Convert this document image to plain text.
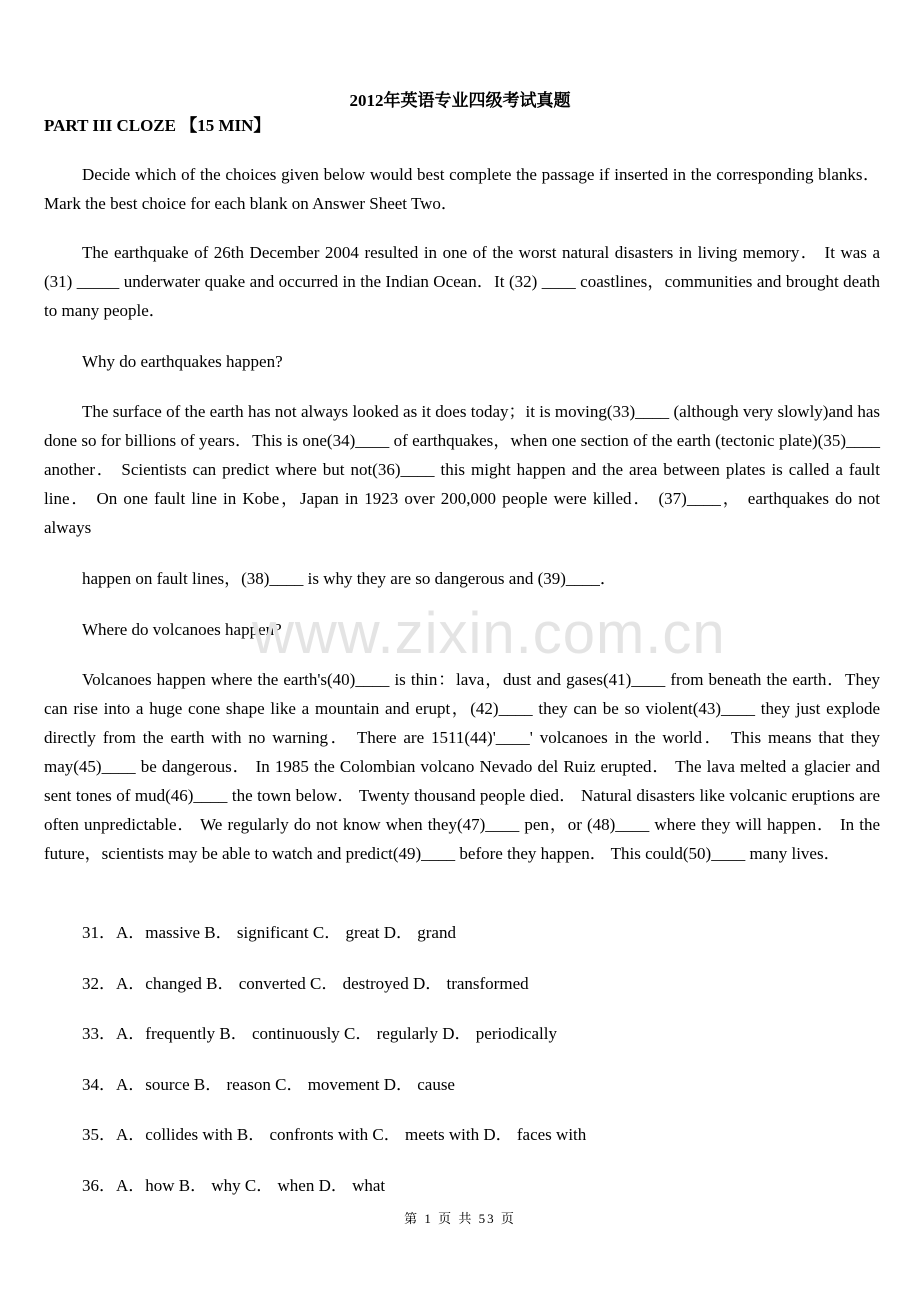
2012年英语专业四级考试真题
PART III CLOZE 【15 MIN】
Decide which of the choices given below would best complete the passage if inserted in the corresponding blanks．Mark the best choice for each blank on Answer Sheet Two．
The earthquake of 26th December 2004 resulted in one of the worst natural disasters in living memory． It was a (31) _____ underwater quake and occurred in the Indian Ocean．It (32) ____ coastlines，communities and brought death to many people．
Why do earthquakes happen?
The surface of the earth has not always looked as it does today；it is moving(33)____ (although very slowly)and has done so for billions of years．This is one(34)____ of earthquakes，when one section of the earth (tectonic plate)(35)____ another． Scientists can predict where but not(36)____ this might happen and the area between plates is called a fault line． On one fault line in Kobe，Japan in 1923 over 200,000 people were killed． (37)____， earthquakes do not always
happen on fault lines，(38)____ is why they are so dangerous and (39)____．
Where do volcanoes happen?
Volcanoes happen where the earth's(40)____ is thin：lava，dust and gases(41)____ from beneath the earth．They can rise into a huge cone shape like a mountain and erupt，(42)____ they can be so violent(43)____ they just explode directly from the earth with no warning． There are 1511(44)'____' volcanoes in the world． This means that they may(45)____ be dangerous． In 1985 the Colombian volcano Nevado del Ruiz erupted． The lava melted a glacier and sent tones of mud(46)____ the town below． Twenty thousand people died． Natural disasters like volcanic eruptions are often unpredictable． We regularly do not know when they(47)____ pen，or (48)____ where they will happen． In the future，scientists may be able to watch and predict(49)____ before they happen． This could(50)____ many lives．
31．A．massive B． significant C． great D． grand
32．A．changed B． converted C． destroyed D． transformed
33．A．frequently B． continuously C． regularly D． periodically
34．A．source B． reason C． movement D． cause
35．A．collides with B． confronts with C． meets with D． faces with
36．A．how B． why C． when D． what
第 1 页 共 53 页
www.zixin.com.cn
